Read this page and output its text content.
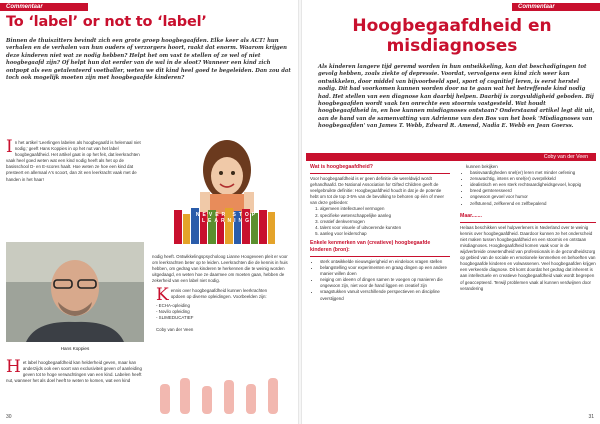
Commentaar
To ‘label’ or not to ‘label’

Binnen de thuiszitters bevindt zich een grote groep hoogbegaafden. Elke keer als ACT! hun verhalen en de verhalen van hun ouders of verzorgers hoort, raakt dat enorm. Waarom krijgen deze kinderen niet wat ze nodig hebben? Helpt het om vast te stellen of ze wel of niet hoogbegaafd zijn? Of helpt hun dat eerder van de wal in de sloot? Wanneer een kind zich ontpopt als een getalenteerd voetballer, weten we dit kind heel goed te begeleiden. Dan zou dat toch ook mogelijk moeten zijn met hoogbegaafde kinderen?

In het artikel 'Leerlingen labelen als hoogbegaafd is helemaal niet nodig,' geeft Hans Koppies in op het nut van het label hoogbegaafdheid. Het artikel gaat in op het feit, dat leerkrachten vaak heel goed weten wat een kind nodig heeft als het op de basisschool D- en E-scores haalt. Hoe weten ze hoe een kind dat presteert en allemaal A's scoort, dan zit een leerkracht vaak met de handen in het haar!
Hans Koppies
Het label hoogbegaafdheid kan helderheid geven, maar kan anderzijds ook een soort van exclusiviteit geven of aanleiding geven tot te hoge verwachtingen van een kind. Labelen heeft nut, wanneer het als doel heeft te weten te komen, wat een kind
NEVER STOP LEARNING
nodig heeft. Ontwikkelingspsycholoog Lianne Hoogeveen pleit er voor om leerkrachten beter op te leiden. Leerkrachten die de kennis in huis hebben, om gedrag van kinderen te herkennen die te weinig worden uitgedaagd, en weten hoe ze daarmee om moeten gaan, hebben de zekerheid van een label niet nodig.
Kennis over hoogbegaafdheid kunnen leerkrachten opdoen op diverse opleidingen. Voorbeelden zijn:
- ECHA-opleiding
- Novilo opleiding
- SLIMEDUCATIEF
Coby van der Veen
30
Commentaar
Hoogbegaafdheid en misdiagnoses

Als kinderen langere tijd geremd worden in hun ontwikkeling, kan dat beschadigingen tot gevolg hebben, zoals ziekte of depressie. Voordat, vervolgens een kind zich weer kan ontwikkelen, door middel van bijvoorbeeld spel, sport of cognitief leren, is eerst herstel nodig. Dit had voorkomen kunnen worden door na te gaan wat het betreffende kind nodig had. Het stellen van een diagnose kan daarbij helpen. Daarbij is zorgvuldigheid geboden. Bij hoogbegaafden wordt vaak ten onrechte een stoornis vastgesteld. Wat houdt hoogbegaafdheid in, en hoe kunnen misdiagnoses ontstaan? Onderstaand artikel legt dit uit, aan de hand van de samenvatting van Adrienne van den Bos van het boek 'Misdiagnoses van hoogbegaafden' van James T. Webb, Edward R. Amend, Nadia E. Webb en Jean Goerss.

Coby van der Veen
Wat is hoogbegaafdheid?

Voor hoogbegaafdheid is er geen definitie die wereldwijd wordt gehandhaafd. De National Association for Gifted Children geeft de veelgebruikte definitie: Hoogbegaafdheid houdt in dat je de potentie hebt om tot de top 3-5% van de bevolking te behoren op één of meer van deze gebieden:

1. algemeen intellectueel vermogen
2. specifieke wetenschappelijke aanleg
3. creatief denkvermogen
4. talent voor visuele of uitvoerende kunsten
5. aanleg voor leiderschap
Enkele kenmerken van (creatieve) hoogbegaafde kinderen (bron):
• sterk ontwikkelde nieuwsgierigheid en eindeloos vragen stellen
• belangstelling voor experimenten en graag dingen op een andere manier willen doen
• neiging om ideeën of dingen samen te voegen op manieren die ongewoon zijn, niet voor de hand liggen en creatief zijn
• vraagstukken vanuit verschillende perspectieven en discipline overstijgend
kunnen bekijken
• basisvaardigheden snel(er) leren met minder oefening
• zenuwachtig, intens en snel(er) overprikkeld
• idealistisch en een sterk rechtvaardigheidsgevoel, koppig
• breed geïnteresseerd
• ongewoon gevoel voor humor
• zelfsturend, zelfkerend en zelfbepalend
Maar.......

Helaas beschikken veel hulpverleners in Nederland over te weinig kennis over hoogbegaafdheid. Daardoor kunnen ze het onderscheid niet maken tussen hoogbegaafdheid en een stoornis en ontstaan misdiagnoses. Hoogbegaafdheid komen vaak voor in de wijdverbreide onwetendheid van professionals in de gezondheidszorg op gebied van de sociale en emotionele kenmerken en behoeften van hoogbegaafde kinderen en volwassenen. Veel hoogbegaafden krijgen een verkeerde diagnose. Dit komt doordat het gedrag dat inherent is aan intellectuele en creatieve hoogbegaafdheid vaak wordt begrepen of geaccepteerd. Terwijl problemen vaak al kunnen verdwijnen door verandering

31
